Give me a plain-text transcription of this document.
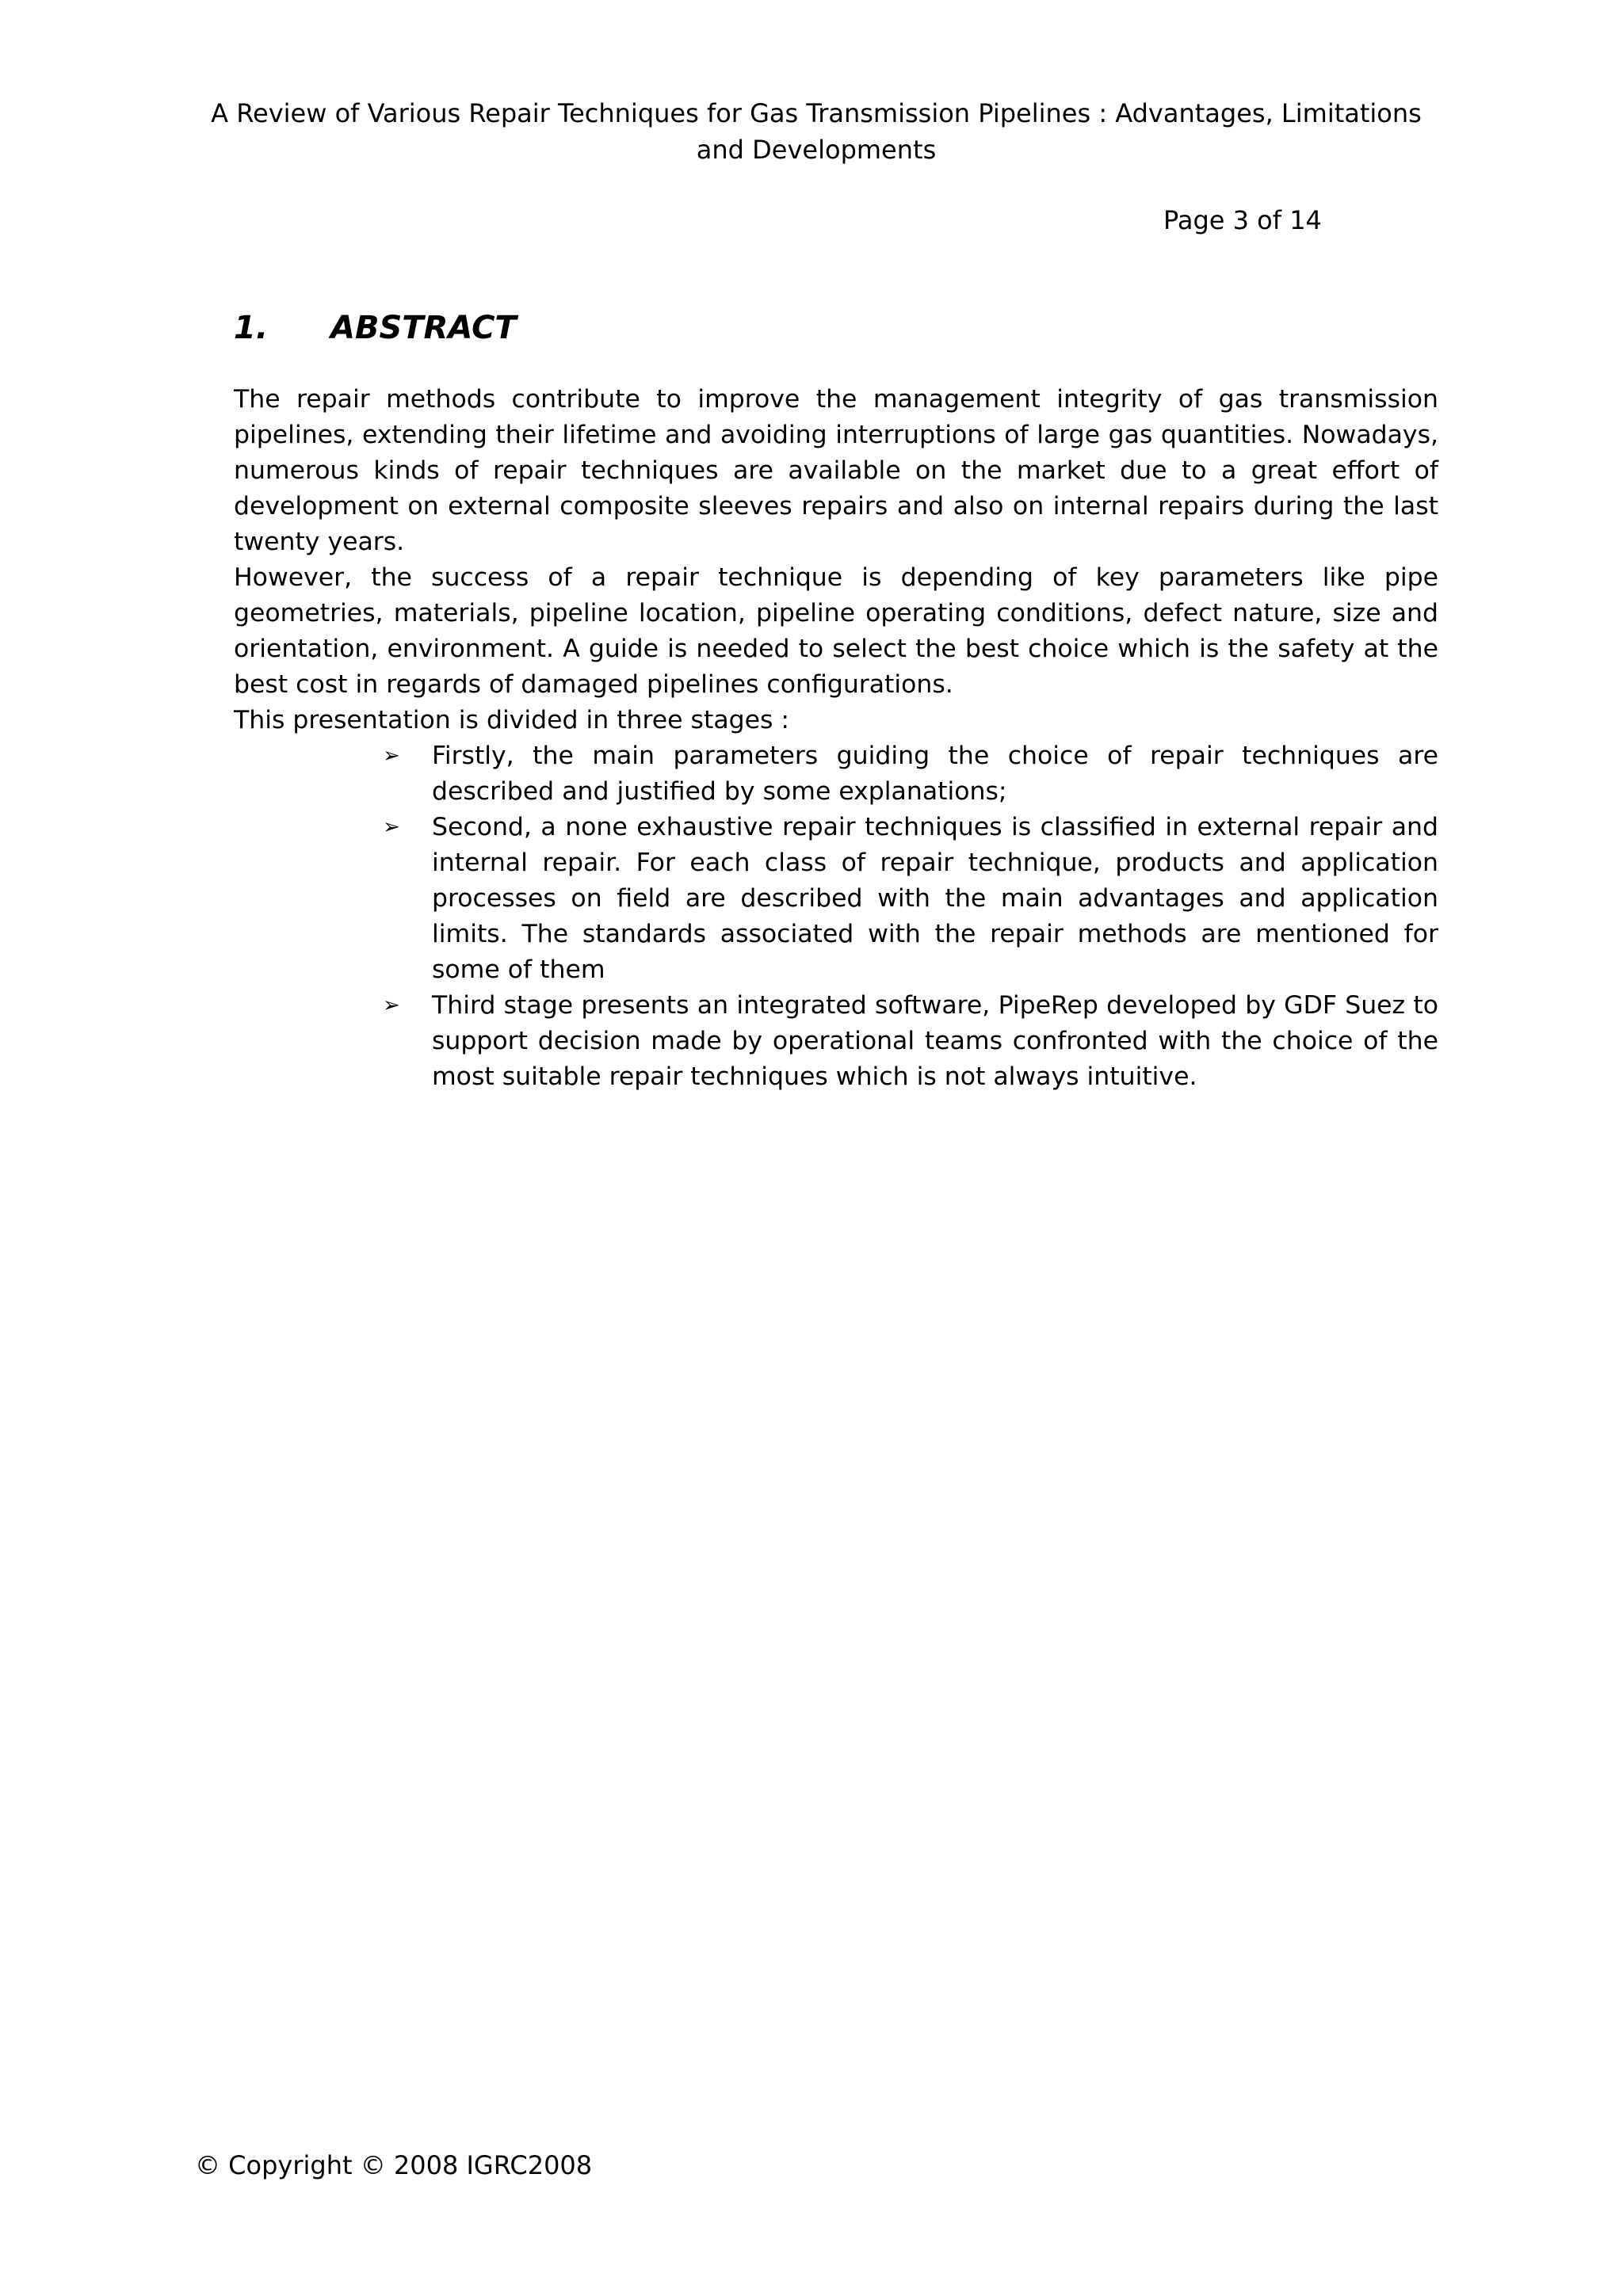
A Review of Various Repair Techniques for Gas Transmission Pipelines : Advantages, Limitations and Developments
Page 3 of 14
1. ABSTRACT

The repair methods contribute to improve the management integrity of gas transmission pipelines, extending their lifetime and avoiding interruptions of large gas quantities. Nowadays, numerous kinds of repair techniques are available on the market due to a great effort of development on external composite sleeves repairs and also on internal repairs during the last twenty years.

However, the success of a repair technique is depending of key parameters like pipe geometries, materials, pipeline location, pipeline operating conditions, defect nature, size and orientation, environment. A guide is needed to select the best choice which is the safety at the best cost in regards of damaged pipelines configurations.

This presentation is divided in three stages :

➢ Firstly, the main parameters guiding the choice of repair techniques are described and justified by some explanations;
➢ Second, a none exhaustive repair techniques is classified in external repair and internal repair. For each class of repair technique, products and application processes on field are described with the main advantages and application limits. The standards associated with the repair methods are mentioned for some of them
➢ Third stage presents an integrated software, PipeRep developed by GDF Suez to support decision made by operational teams confronted with the choice of the most suitable repair techniques which is not always intuitive.
© Copyright © 2008 IGRC2008
